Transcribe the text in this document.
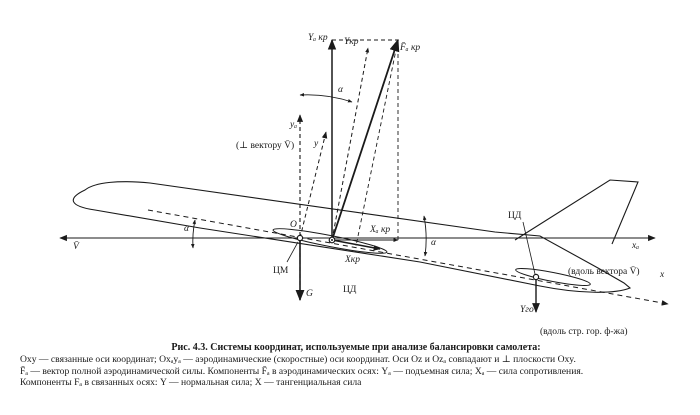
Yₐ кр Yкр
F̄ₐ кр
α
yₐ
y
(⊥ вектору V̄)
O
α
V̄
Xₐ кр
Xкр
α	xₐ
x
ЦМ
ЦД
G
ЦД
(вдоль вектора V̄)
Yго
(вдоль стр. гор. ф-жа)
Рис. 4.3. Системы координат, используемые при анализе балансировки самолета:
Oxy — связанные оси координат; Oxₐyₐ — аэродинамические (скоростные) оси координат. Оси Oz и Ozₐ совпадают и ⊥ плоскости Oxy.
F̄ₐ — вектор полной аэродинамической силы. Компоненты F̄ₐ в аэродинамических осях: Yₐ — подъемная сила; Xₐ — сила сопротивления.
Компоненты Fₐ в связанных осях: Y — нормальная сила; X — тангенциальная сила
